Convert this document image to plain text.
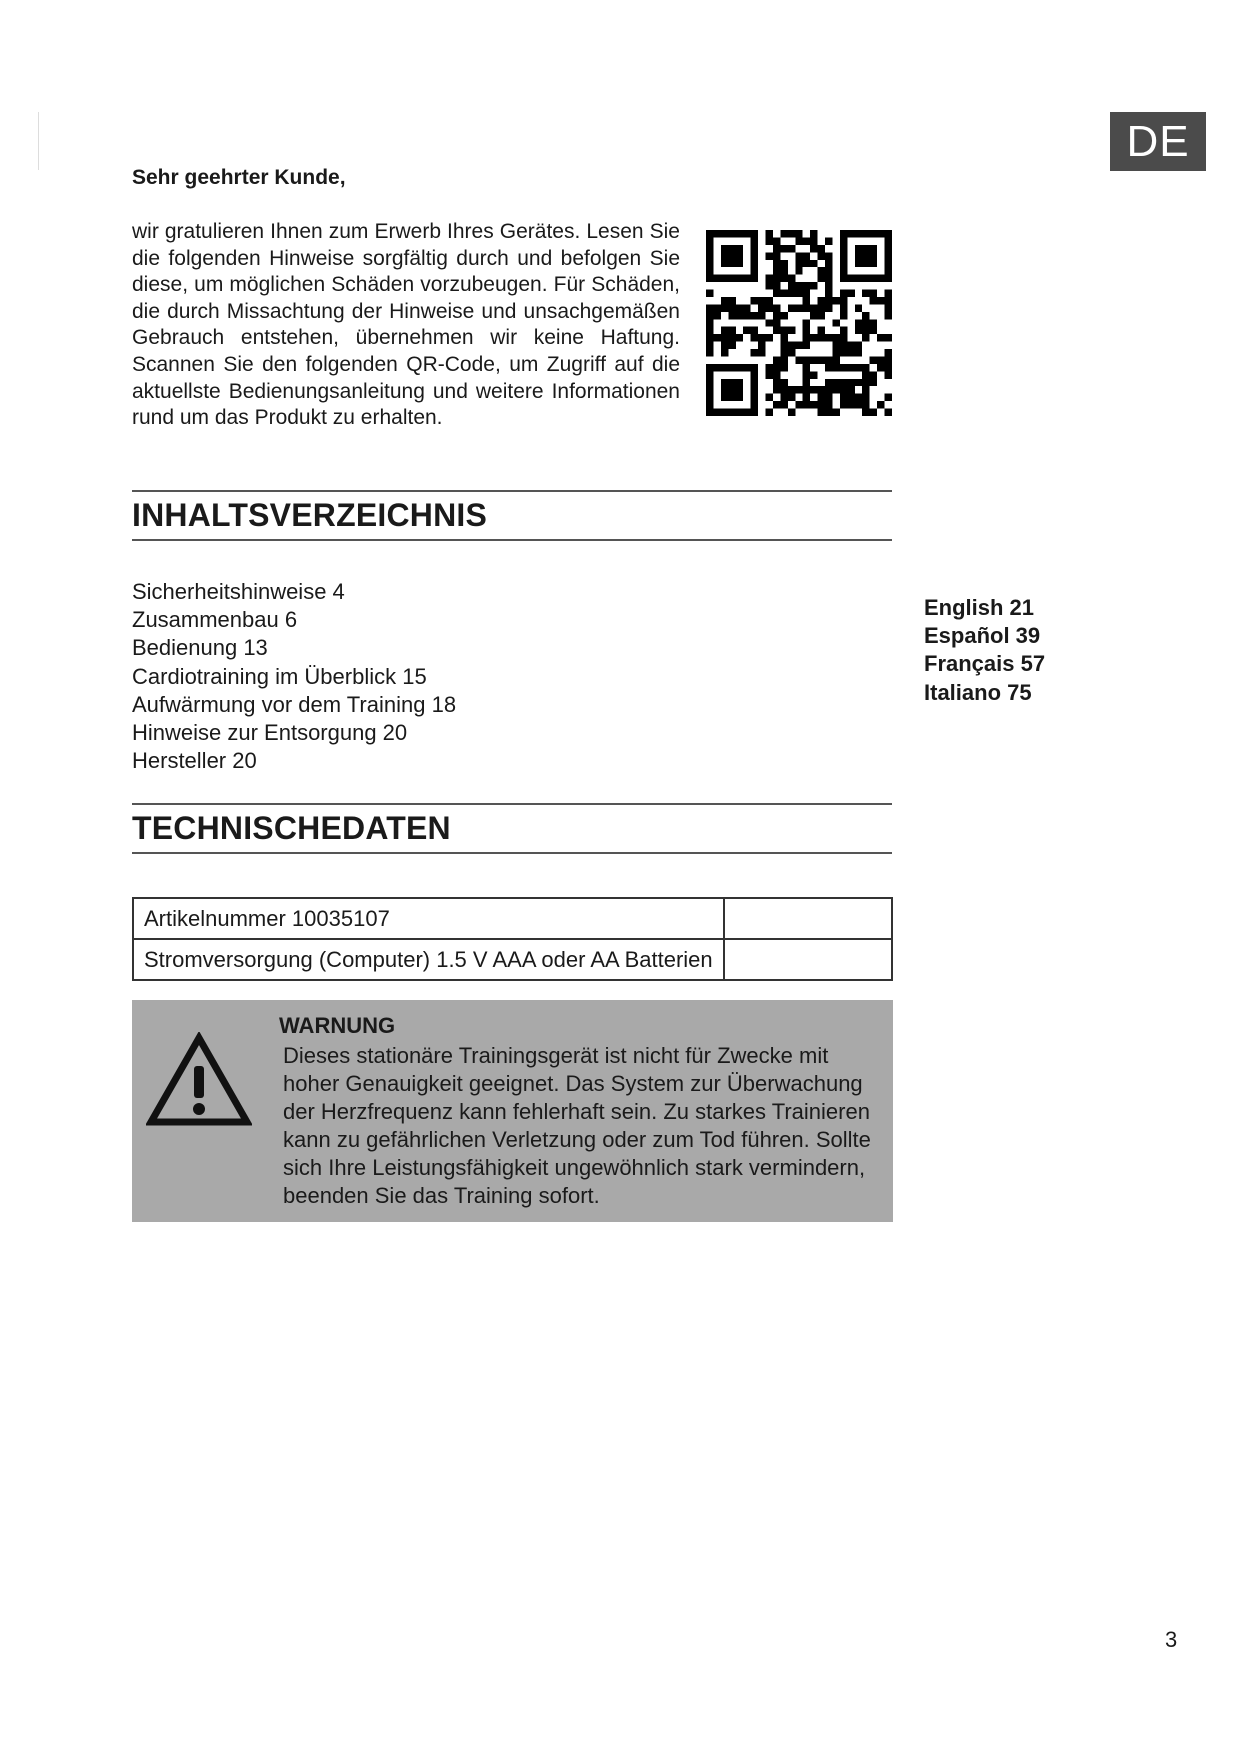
DE
Sehr geehrter Kunde,

wir gratulieren Ihnen zum Erwerb Ihres Gerätes. Lesen Sie die folgenden Hinweise sorgfältig durch und befolgen Sie diese, um möglichen Schäden vorzubeugen. Für Schäden, die durch Missachtung der Hinweise und unsachgemäßen Gebrauch entstehen, übernehmen wir keine Haftung. Scannen Sie den folgenden QR-Code, um Zugriff auf die aktuellste Bedienungsanleitung und weitere Informationen rund um das Produkt zu erhalten.

INHALTSVERZEICHNIS
Sicherheitshinweise 4
Zusammenbau 6
Bedienung 13
Cardiotraining im Überblick 15
Aufwärmung vor dem Training 18
Hinweise zur Entsorgung 20
Hersteller 20
English 21
Español 39
Français 57
Italiano 75
TECHNISCHEDATEN
Artikelnummer 10035107	
Stromversorgung (Computer) 1.5 V AAA oder AA Batterien	
WARNUNG

Dieses stationäre Trainingsgerät ist nicht für Zwecke mit hoher Genauigkeit geeignet. Das System zur Überwachung der Herzfrequenz kann fehlerhaft sein. Zu starkes Trainieren kann zu gefährlichen Verletzung oder zum Tod führen. Sollte sich Ihre Leistungsfähigkeit ungewöhnlich stark vermindern, beenden Sie das Training sofort.

3
